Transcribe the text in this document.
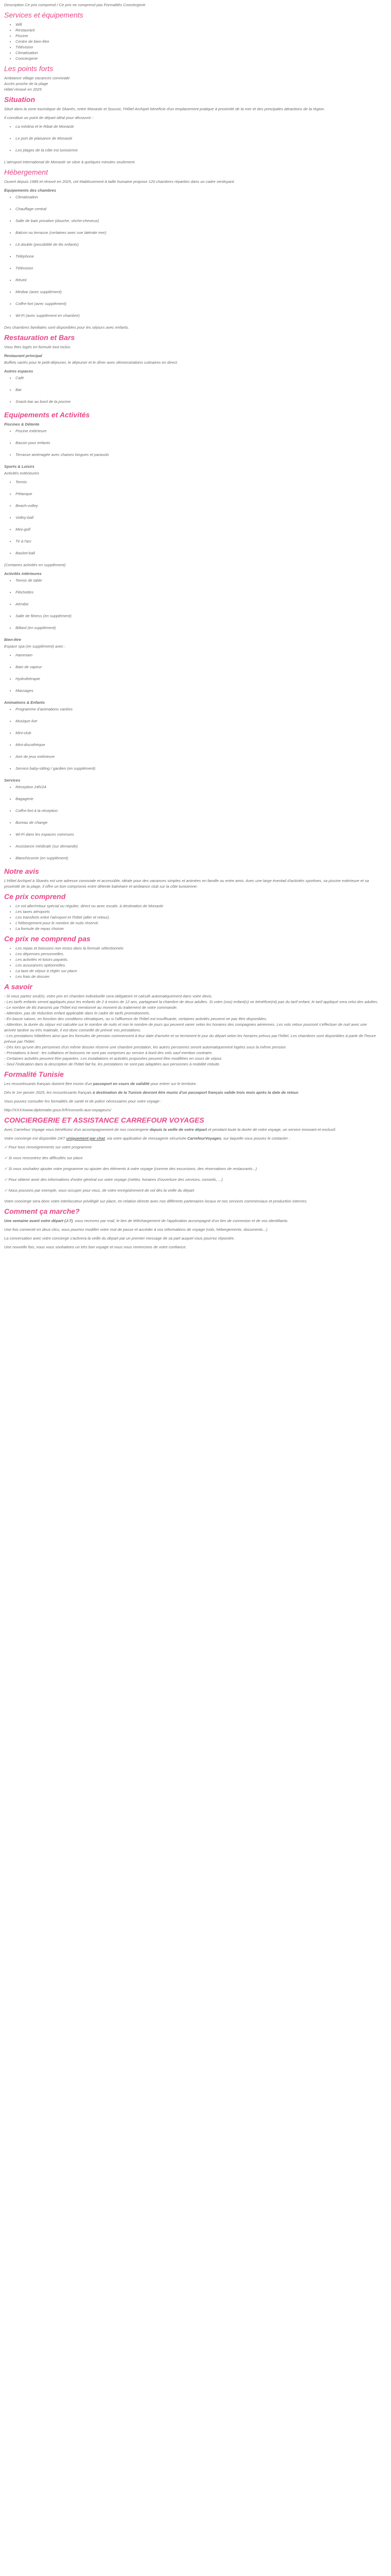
Description Ce prix comprend / Ce prix ne comprend pas Formalités Conciergerie

Services et équipements
• Wifi
• Restaurant
• Piscine
• Centre de bien-être
• Télévision
• Climatisation
• Conciergerie
Les points forts
Ambiance village vacances conviviale
Accès proche de la plage
Hôtel rénové en 2025
Situation

Situé dans la zone touristique de Skanès, entre Monastir et Sousse, l'Hôtel Archipel bénéficie d'un emplacement pratique à proximité de la mer et des principales attractions de la région.

Il constitue un point de départ idéal pour découvrir :

• La médina et le Ribat de Monastir
• Le port de plaisance de Monastir
• Les plages de la côte est tunisienne

L'aéroport international de Monastir se situe à quelques minutes seulement.

Hébergement

Ouvert depuis 1989 et rénové en 2025, cet établissement à taille humaine propose 120 chambres réparties dans un cadre verdoyant.

Équipements des chambres
• Climatisation
• Chauffage central
• Salle de bain privative (douche, sèche-cheveux)
• Balcon ou terrasse (certaines avec vue latérale mer)
• Lit double (possibilité de lits enfants)
• Téléphone
• Télévision
• Réveil
• Minibar (avec supplément)
• Coffre-fort (avec supplément)
• Wi-Fi (avec supplément en chambre)

Des chambres familiales sont disponibles pour les séjours avec enfants.

Restauration et Bars

Vous êtes logés en formule tout inclus.

Restaurant principal

Buffets variés pour le petit-déjeuner, le déjeuner et le dîner avec démonstrations culinaires en direct.

Autres espaces
• Café
• Bar
• Snack-bar au bord de la piscine
Equipements et Activités
Piscines & Détente
• Piscine extérieure
• Bassin pour enfants
• Terrasse aménagée avec chaises longues et parasols
Sports & Loisirs

Activités extérieures

• Tennis
• Pétanque
• Beach-volley
• Volley-ball
• Mini-golf
• Tir à l'arc
• Basket-ball

(Certaines activités en supplément)

Activités intérieures
• Tennis de table
• Fléchettes
• Aérobic
• Salle de fitness (en supplément)
• Billard (en supplément)
Bien-être

Espace spa (en supplément) avec :

• Hammam
• Bain de vapeur
• Hydrothérapie
• Massages
Animations & Enfants
• Programme d'animations variées
• Musique live
• Mini-club
• Mini-discothèque
• Aire de jeux extérieure
• Service baby-sitting / gardien (en supplément)
Services
• Réception 24h/24
• Bagagerie
• Coffre-fort à la réception
• Bureau de change
• Wi-Fi dans les espaces communs
• Assistance médicale (sur demande)
• Blanchisserie (en supplément)
Notre avis

L'Hôtel Archipel à Skanès est une adresse conviviale et accessible, idéale pour des vacances simples et animées en famille ou entre amis. Avec une large éventail d'activités sportives, sa piscine extérieure et sa proximité de la plage, il offre un bon compromis entre détente balnéaire et ambiance club sur la côte tunisienne.

Ce prix comprend
• Le vol aller/retour spécial ou régulier, direct ou avec escale, à destination de Monastir
• Les taxes aéroports
• Les transferts entre l'aéroport et l'hôtel (aller et retour).
• L'hébergement pour le nombre de nuits réservé.
• La formule de repas choisie.
Ce prix ne comprend pas
• Les repas et boissons non inclus dans la formule sélectionnée.
• Les dépenses personnelles.
• Les activités et loisirs payants.
• Les assurances optionnelles.
• La taxe de séjour à régler sur place.
• Les frais de dossier.
A savoir
- Si vous partez seul(e), votre prix en chambre individuelle sera obligatoire et calculé automatiquement dans votre devis.
- Les tarifs enfants seront appliqués pour les enfants de 2 à moins de 12 ans, partageant la chambre de deux adultes. Si votre (vos) enfant(s) ne bénéficie(nt) pas du tarif enfant, le tarif appliqué sera celui des adultes.
- Le nombre de lits transmis par l'hôtel est mentionné au moment du traitement de votre commande.
- Attention, pas de réduction enfant applicable dans le cadre de tarifs promotionnels.
- En basse saison, en fonction des conditions climatiques, ou si l'affluence de l'hôtel est insuffisante, certaines activités peuvent ne pas être disponibles.
- Attention, la durée du séjour est calculée sur le nombre de nuits et non le nombre de jours qui peuvent varier selon les horaires des compagnies aériennes. Les vols retour pourront s'effectuer de nuit avec une arrivée tardive ou très matinale, il est donc conseillé de prévoir vos prestations.
- Les prestations hôtelières ainsi que les formules de pension commencent à leur date d'arrivée et se terminent le jour du départ selon les horaires prévus par l'hôtel. Les chambres sont disponibles à partir de l'heure prévue par l'hôtel.
- Dès lors qu'une des personnes d'un même dossier réserve une chambre prestation, les autres personnes seront automatiquement logées sous la même pension.
- Prestations à bord : les collations et boissons ne sont pas comprises au service à bord des vols sauf mention contraire.
- Certaines activités peuvent être payantes. Les installations et activités proposées peuvent être modifiées en cours de séjour.
- Seul l'indication dans la description de l'hôtel fait foi, les prestations ne sont pas adaptées aux personnes à mobilité réduite.
Formalité Tunisie

Les ressortissants français doivent être munis d'un passeport en cours de validité pour entrer sur le territoire.

Dès le 1er janvier 2025, les ressortissants français à destination de la Tunisie devront être munis d'un passeport français valide trois mois après la date de retour.

Vous pouvez consulter les formalités de santé et de police nécessaires pour votre voyage :

http://XXXXwww.diplomatie.gouv.fr/fr/conseils-aux-voyageurs/

CONCIERGERIE ET ASSISTANCE CARREFOUR VOYAGES

Avec Carrefour Voyage vous bénéficiez d'un accompagnement de nos conciergerie depuis la veille de votre départ et pendant toute la durée de votre voyage, un service innovant et exclusif.

Votre concierge est disponible 24/7 uniquement par chat, via votre application de messagerie sécurisée CarrefourVoyages, sur laquelle vous pouvez le contacter :

✓ Pour tous renseignements sur votre programme

✓ Si vous rencontrez des difficultés sur place

✓ Si vous souhaitez ajouter votre programme ou ajouter des éléments à votre voyage (comme des excursions, des réservations de restaurants...)

✓ Pour obtenir avoir des informations d'ordre général sur votre voyage (météo, horaires d'ouverture des services, conseils, ...)

✓ Nous pouvons par exemple, vous occuper pour vous, de votre enregistrement de vol dès la veille du départ

Votre concierge sera donc votre interlocuteur privilégié sur place, en relation directe avec nos différents partenaires locaux et nos services commerciaux et production internes.

Comment ça marche?

Une semaine avant votre départ (J-7), vous recevrez par mail, le lien de téléchargement de l'application accompagné d'un lien de connexion et de vos identifiants.

Une fois connecté en deux clics, vous pourrez modifier votre mot de passe et accéder à vos informations de voyage (vols, hébergements, documents...)

La conversation avec votre concierge s'activera la veille du départ par un premier message de sa part auquel vous pourrez répondre.

Une nouvelle fois, nous vous souhaitons un très bon voyage et nous vous remercions de votre confiance.
